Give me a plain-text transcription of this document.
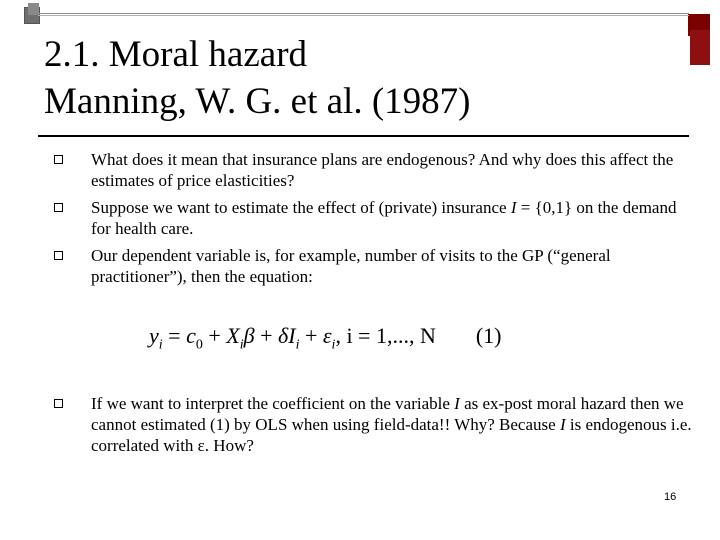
2.1. Moral hazard
Manning, W. G. et al. (1987)

What does it mean that insurance plans are endogenous? And why does this affect the estimates of price elasticities?

Suppose we want to estimate the effect of (private) insurance I = {0,1} on the demand for health care.

Our dependent variable is, for example, number of visits to the GP (“general practitioner”), then the equation:

$y_i = c_0 + X_i\beta + \delta I_i + \varepsilon_i$, i = 1,..., N (1)

If we want to interpret the coefficient on the variable I as ex-post moral hazard then we cannot estimated (1) by OLS when using field-data!! Why? Because I is endogenous i.e. correlated with ε. How?

16
